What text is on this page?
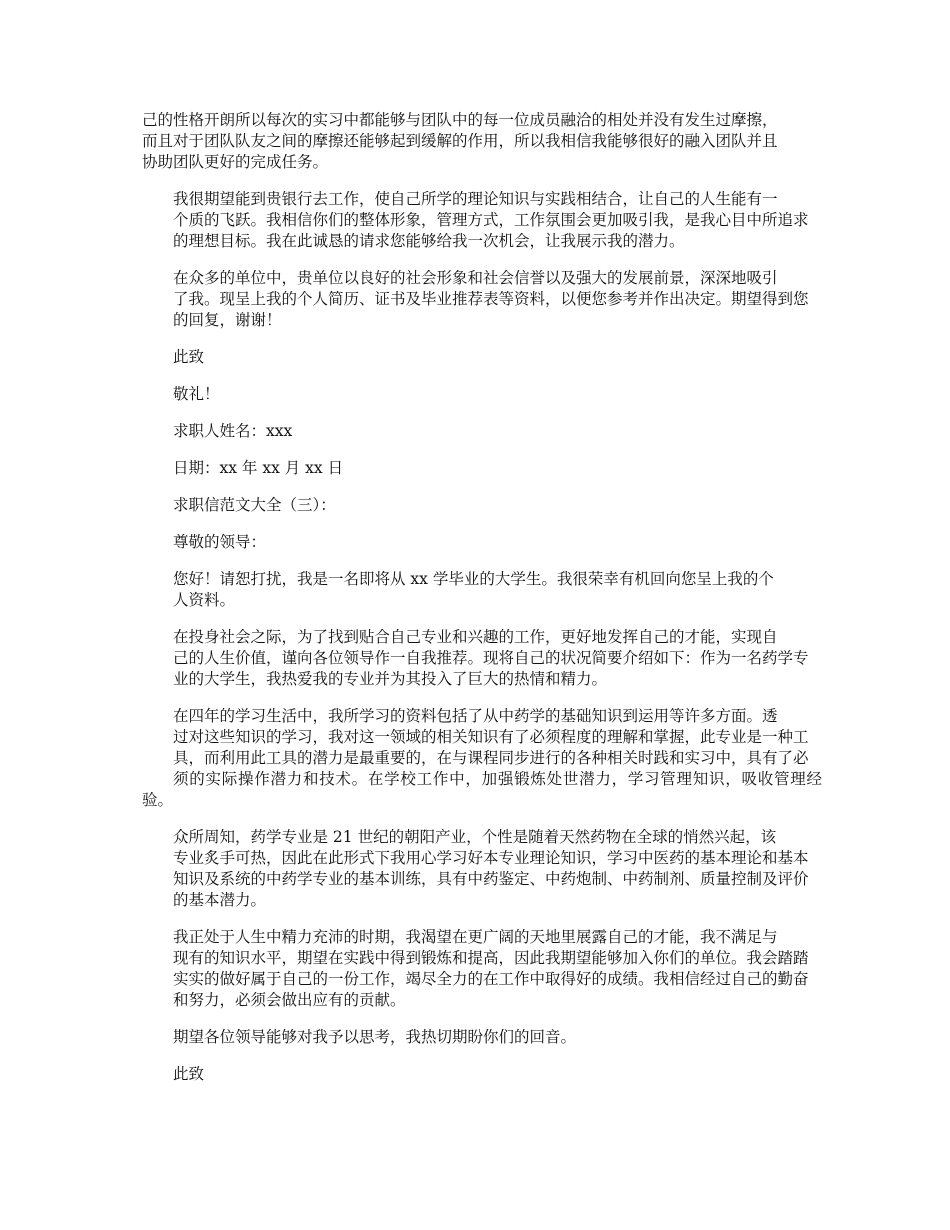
己的性格开朗所以每次的实习中都能够与团队中的每一位成员融洽的相处并没有发生过摩擦，
而且对于团队队友之间的摩擦还能够起到缓解的作用，所以我相信我能够很好的融入团队并且
协助团队更好的完成任务。

我很期望能到贵银行去工作，使自己所学的理论知识与实践相结合，让自己的人生能有一
个质的飞跃。我相信你们的整体形象，管理方式，工作氛围会更加吸引我，是我心目中所追求
的理想目标。我在此诚恳的请求您能够给我一次机会，让我展示我的潜力。

在众多的单位中，贵单位以良好的社会形象和社会信誉以及强大的发展前景，深深地吸引
了我。现呈上我的个人简历、证书及毕业推荐表等资料，以便您参考并作出决定。期望得到您
的回复，谢谢！

此致

敬礼！

求职人姓名：xxx

日期：xx 年 xx 月 xx 日

求职信范文大全（三）：

尊敬的领导：

您好！请恕打扰，我是一名即将从 xx 学毕业的大学生。我很荣幸有机回向您呈上我的个
人资料。

在投身社会之际，为了找到贴合自己专业和兴趣的工作，更好地发挥自己的才能，实现自
己的人生价值，谨向各位领导作一自我推荐。现将自己的状况简要介绍如下：作为一名药学专
业的大学生，我热爱我的专业并为其投入了巨大的热情和精力。

在四年的学习生活中，我所学习的资料包括了从中药学的基础知识到运用等许多方面。透
过对这些知识的学习，我对这一领域的相关知识有了必须程度的理解和掌握，此专业是一种工
具，而利用此工具的潜力是最重要的，在与课程同步进行的各种相关时践和实习中，具有了必
须的实际操作潜力和技术。在学校工作中，加强锻炼处世潜力，学习管理知识，吸收管理经验。

众所周知，药学专业是 21 世纪的朝阳产业，个性是随着天然药物在全球的悄然兴起，该
专业炙手可热，因此在此形式下我用心学习好本专业理论知识，学习中医药的基本理论和基本
知识及系统的中药学专业的基本训练，具有中药鉴定、中药炮制、中药制剂、质量控制及评价
的基本潜力。

我正处于人生中精力充沛的时期，我渴望在更广阔的天地里展露自己的才能，我不满足与
现有的知识水平，期望在实践中得到锻炼和提高，因此我期望能够加入你们的单位。我会踏踏
实实的做好属于自己的一份工作，竭尽全力的在工作中取得好的成绩。我相信经过自己的勤奋
和努力，必须会做出应有的贡献。

期望各位领导能够对我予以思考，我热切期盼你们的回音。

此致
